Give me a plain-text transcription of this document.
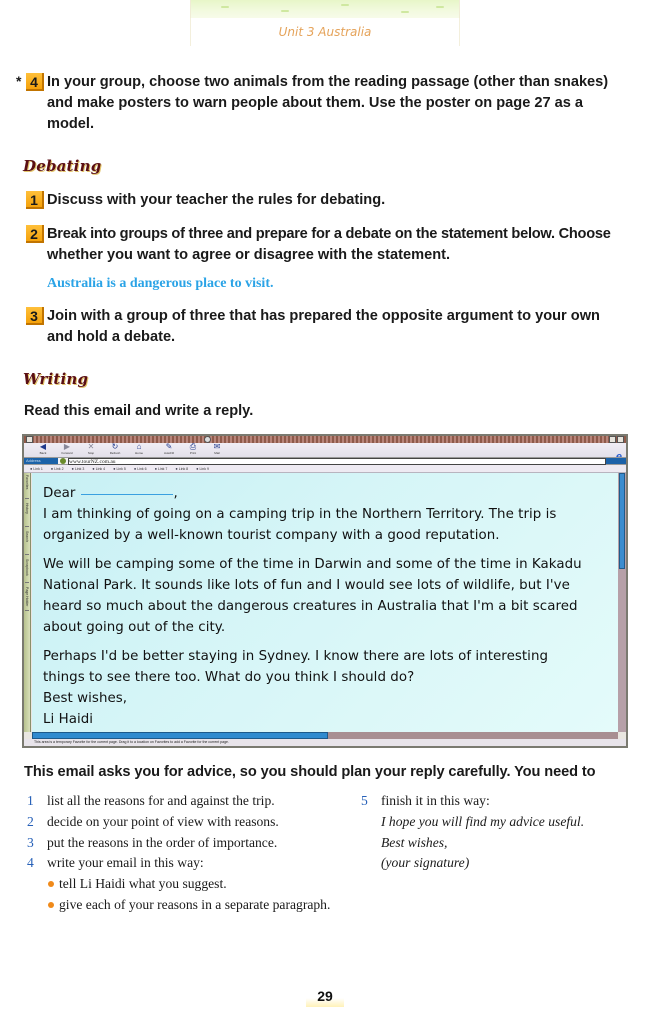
Unit 3 Australia
* 4 In your group, choose two animals from the reading passage (other than snakes)
and make posters to warn people about them. Use the poster on page 27 as a
model.
Debating
1 Discuss with your teacher the rules for debating.
2 Break into groups of three and prepare for a debate on the statement below. Choose
whether you want to agree or disagree with the statement.
Australia is a dangerous place to visit.
3 Join with a group of three that has prepared the opposite argument to your own
and hold a debate.
Writing
Read this email and write a reply.
◀
Back
▶
Forward
✕
Stop
↻
Refresh
⌂
Home
✎
AutoFill
⎙
Print
✉
Mail
Address	www.tourNZ.com.au
● Link 1	● Link 2	● Link 3	● Link 4	● Link 5	● Link 6	● Link 7	● Link 8	● Link 9
Favorites
History
Search
Scrapbook
Page Holder
This area is a temporary Favorite for the current page. Drag it to a location on Favorites to add a Favorite for the current page.

Dear	,

I am thinking of going on a camping trip in the Northern Territory. The trip is

organized by a well-known tourist company with a good reputation.

We will be camping some of the time in Darwin and some of the time in Kakadu

National Park. It sounds like lots of fun and I would see lots of wildlife, but I've

heard so much about the dangerous creatures in Australia that I'm a bit scared

about going out of the city.

Perhaps I'd be better staying in Sydney. I know there are lots of interesting

things to see there too. What do you think I should do?

Best wishes,

Li Haidi

This email asks you for advice, so you should plan your reply carefully. You need to
1 list all the reasons for and against the trip.
2 decide on your point of view with reasons.
3 put the reasons in the order of importance.
4 write your email in this way:
tell Li Haidi what you suggest.
give each of your reasons in a separate paragraph.
5 finish it in this way:
I hope you will find my advice useful.
Best wishes,
(your signature)
29
